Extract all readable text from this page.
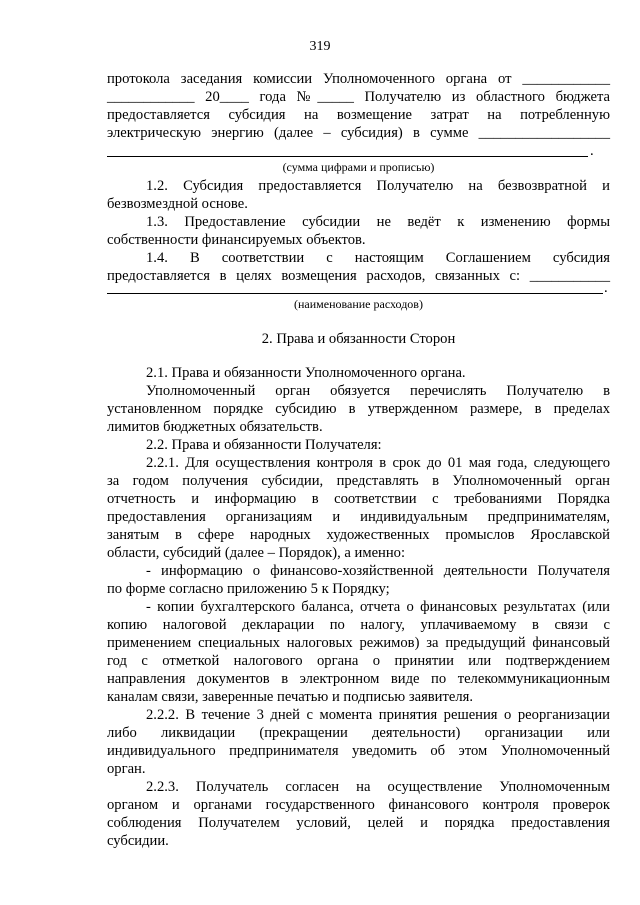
319
протокола заседания комиссии Уполномоченного органа от ____________
____________ 20____ года №_____ Получателю из областного бюджета
предоставляется субсидия на возмещение затрат на потребленную
электрическую энергию (далее – субсидия) в сумме __________________
.
(сумма цифрами и прописью)
1.2. Субсидия предоставляется Получателю на безвозвратной и
безвозмездной основе.
1.3. Предоставление субсидии не ведёт к изменению формы
собственности финансируемых объектов.
1.4. В соответствии с настоящим Соглашением субсидия
предоставляется в целях возмещения расходов, связанных с: ___________
.
(наименование расходов)
2. Права и обязанности Сторон
2.1. Права и обязанности Уполномоченного органа.
Уполномоченный орган обязуется перечислять Получателю в
установленном порядке субсидию в утвержденном размере, в пределах
лимитов бюджетных обязательств.
2.2. Права и обязанности Получателя:
2.2.1. Для осуществления контроля в срок до 01 мая года, следующего
за годом получения субсидии, представлять в Уполномоченный орган
отчетность и информацию в соответствии с требованиями Порядка
предоставления организациям и индивидуальным предпринимателям,
занятым в сфере народных художественных промыслов Ярославской
области, субсидий (далее – Порядок), а именно:
- информацию о финансово-хозяйственной деятельности Получателя
по форме согласно приложению 5 к Порядку;
- копии бухгалтерского баланса, отчета о финансовых результатах (или
копию налоговой декларации по налогу, уплачиваемому в связи с
применением специальных налоговых режимов) за предыдущий финансовый
год с отметкой налогового органа о принятии или подтверждением
направления документов в электронном виде по телекоммуникационным
каналам связи, заверенные печатью и подписью заявителя.
2.2.2. В течение 3 дней с момента принятия решения о реорганизации
либо ликвидации (прекращении деятельности) организации или
индивидуального предпринимателя уведомить об этом Уполномоченный
орган.
2.2.3. Получатель согласен на осуществление Уполномоченным
органом и органами государственного финансового контроля проверок
соблюдения Получателем условий, целей и порядка предоставления
субсидии.
